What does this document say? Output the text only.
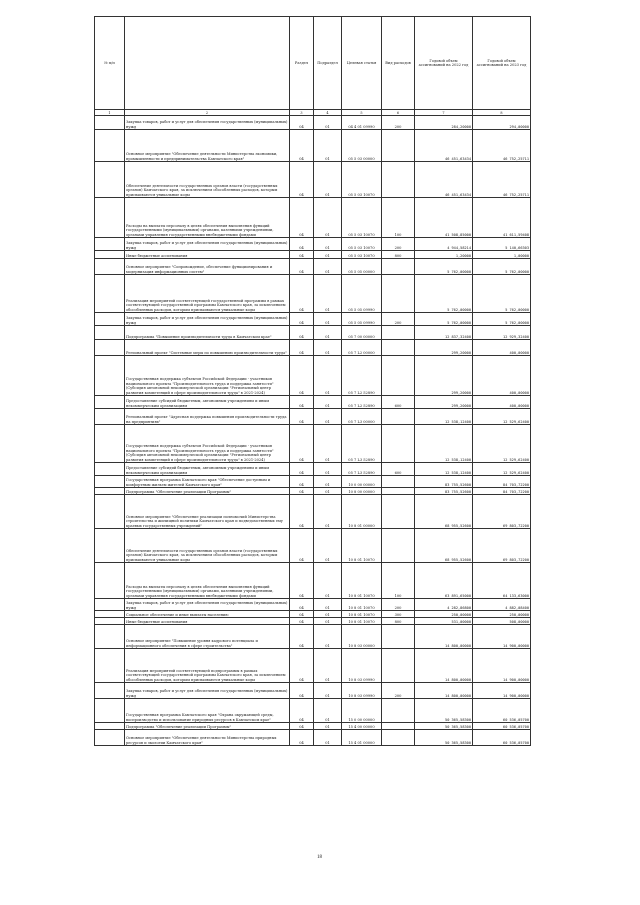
№ п/п		Раздел	Подраздел	Целевая статья	Вид расходов	Годовой объем ассигнований на 2022 год	Годовой объем ассигнований на 2023 год
1	2	3	4	5	6	7	8
	Закупка товаров, работ и услуг для обеспечения государственных (муниципальных) нужд	04	01	04 4 01 09990	200	284,20000	294,00000
	Основное мероприятие "Обеспечение деятельности Министерства экономики, промышленности и предпринимательства Камчатского края"	04	01	05 5 03 00000		46 451,63434	46 752,25711
	Обеспечение деятельности государственных органов власти (государственных органов) Камчатского края, за исключением обособленных расходов, которым присваиваются уникальные коды	04	01	05 5 03 10070		46 451,63434	46 752,25711
	Расходы на выплаты персоналу в целях обеспечения выполнения функций государственными (муниципальными) органами, казенными учреждениями, органами управления государственными внебюджетными фондами	04	01	05 5 03 10070	100	41 508,85000	41 611,59408
	Закупка товаров, работ и услуг для обеспечения государственных (муниципальных) нужд	04	01	05 5 03 10070	200	4 944,58214	5 140,66303
	Иные бюджетные ассигнования	04	01	05 5 03 10070	800	1,20000	1,00000
	Основное мероприятие "Сопровождение, обеспечение функционирования и модернизация информационных систем"	04	01	05 5 05 00000		5 762,00000	5 762,00000
	Реализация мероприятий соответствующей государственной программы в рамках соответствующей государственной программы Камчатского края, за исключением обособленных расходов, которым присваиваются уникальные коды	04	01	05 5 05 09990		5 762,00000	5 762,00000
	Закупка товаров, работ и услуг для обеспечения государственных (муниципальных) нужд	04	01	05 5 05 09990	200	5 762,00000	5 762,00000
	Подпрограмма "Повышение производительности труда в Камчатском крае"	04	01	05 7 00 00000		12 837,32400	12 929,32400
	Региональный проект "Системные меры по повышению производительности труда"	04	01	05 7 L2 00000		299,20000	400,00000
	Государственная поддержка субъектов Российской Федерации - участников национального проекта "Производительность труда и поддержка занятости" (Субсидия автономной некоммерческой организации "Региональный центр развития компетенций в сфере производительности труда" в 2021-2024)	04	01	05 7 L2 52890		299,20000	400,00000
	Предоставление субсидий бюджетным, автономным учреждениям и иным некоммерческим организациям	04	01	05 7 L2 52890	600	299,20000	400,00000
	Региональный проект "Адресная поддержка повышения производительности труда на предприятиях"	04	01	05 7 L3 00000		12 538,12400	12 529,62400
	Государственная поддержка субъектов Российской Федерации - участников национального проекта "Производительность труда и поддержка занятости" (Субсидия автономной некоммерческой организации "Региональный центр развития компетенций в сфере производительности труда" в 2021-2024)	04	01	05 7 L3 52890		12 538,12400	12 529,62400
	Предоставление субсидий бюджетным, автономным учреждениям и иным некоммерческим организациям	04	01	05 7 L3 52890	600	12 538,12400	12 529,62400
	Государственная программа Камчатского края "Обеспечение доступным и комфортным жильем жителей Камчатского края"	04	01	10 0 00 00000		83 755,52600	84 703,72200
	Подпрограмма "Обеспечение реализации Программы"	04	01	10 8 00 00000		83 755,52600	84 703,72200
	Основное мероприятие "Обеспечение реализации полномочий Министерства строительства и жилищной политики Камчатского края и подведомственных ему краевых государственных учреждений"	04	01	10 8 01 00000		68 955,52600	69 803,72200
	Обеспечение деятельности государственных органов власти (государственных органов) Камчатского края, за исключением обособленных расходов, которым присваиваются уникальные коды	04	01	10 8 01 10070		68 955,52600	69 803,72200
	Расходы на выплаты персоналу в целях обеспечения выполнения функций государственными (муниципальными) органами, казенными учреждениями, органами управления государственными внебюджетными фондами	04	01	10 8 01 10070	100	63 891,65000	64 133,63000
	Закупка товаров, работ и услуг для обеспечения государственных (муниципальных) нужд	04	01	10 8 01 10070	200	4 282,86800	4 882,08400
	Социальное обеспечение и иные выплаты населению	04	01	10 8 01 10070	300	250,00000	250,00000
	Иные бюджетные ассигнования	04	01	10 8 01 10070	800	531,00000	508,00000
	Основное мероприятие "Повышение уровня кадрового потенциала и информационного обеспечения в сфере строительства"	04	01	10 8 03 00000		14 800,00000	14 900,00000
	Реализация мероприятий соответствующей подпрограммы в рамках соответствующей государственной программы Камчатского края, за исключением обособленных расходов, которым присваиваются уникальные коды	04	01	10 8 03 09990		14 800,00000	14 900,00000
	Закупка товаров, работ и услуг для обеспечения государственных (муниципальных) нужд	04	01	10 8 03 09990	200	14 800,00000	14 900,00000
	Государственная программа Камчатского края "Охрана окружающей среды, воспроизводство и использование природных ресурсов в Камчатском крае"	04	01	15 0 00 00000		50 365,58300	60 536,05700
	Подпрограмма "Обеспечение реализации Программы"	04	01	15 4 00 00000		50 365,58300	60 536,05700
	Основное мероприятие "Обеспечение деятельности Министерства природных ресурсов и экологии Камчатского края"	04	01	15 4 01 00000		50 365,58300	60 536,05700
18
